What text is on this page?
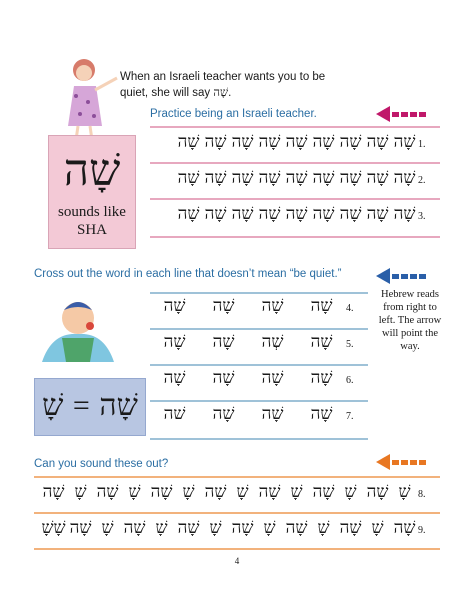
When an Israeli teacher wants you to be quiet, she will say שָׁה.
Practice being an Israeli teacher.
שָׁה
sounds like
SHA
1.
שָׁה
שָׁה
שָׁה
שָׁה
שָׁה
שָׁה
שָׁה
שָׁה
שָׁה
2.
שָׁה
שָׁה
שָׁה
שָׁה
שָׁה
שָׁה
שָׁה
שָׁה
שָׁה
3.
שָׁה
שָׁה
שָׁה
שָׁה
שָׁה
שָׁה
שָׁה
שָׁה
שָׁה
Cross out the word in each line that doesn’t mean “be quiet.”
Hebrew reads from right to left. The arrow will point the way.
שָׁה = שָׁ
4.
שָׁה
שָׁה
שָׁה
שָׁה
5.
שָׁה
שְׁה
שָׁה
שָׁה
6.
שָׁה
שָׁה
שָׁה
שָׁה
7.
שָׁה
שָׁה
שָׁה
שׁה
Can you sound these out?
8.
שָׁ
שָׁה
שָׁ
שָׁה
שָׁ
שָׁה
שָׁ
שָׁה
שָׁ
שָׁה
שָׁ
שָׁה
שָׁ
שָׁה
9.
שָׁה
שָׁ
שָׁה
שָׁ
שָׁה
שָׁ
שָׁה
שָׁ
שָׁה
שָׁ
שָׁה
שָׁ
שָׁה
שָׁשָׁ
4
